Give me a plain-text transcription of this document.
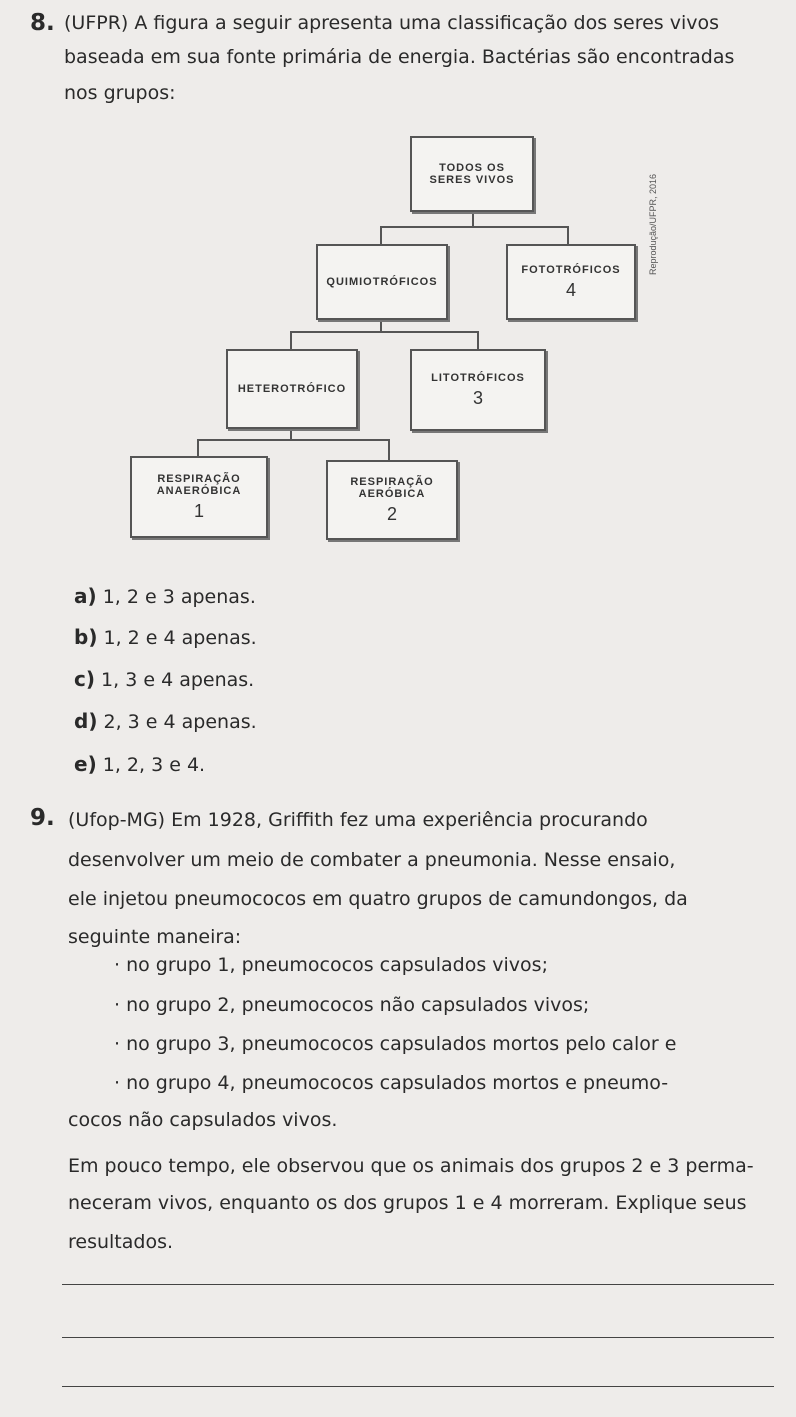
8. (UFPR) A figura a seguir apresenta uma classificação dos seres vivos
baseada em sua fonte primária de energia. Bactérias são encontradas
nos grupos:
TODOS OS
SERES VIVOS
QUIMIOTRÓFICOS
FOTOTRÓFICOS
4
HETEROTRÓFICO
LITOTRÓFICOS
3
RESPIRAÇÃO
ANAERÓBICA
1
RESPIRAÇÃO
AERÓBICA
2
Reprodução/UFPR, 2016
a) 1, 2 e 3 apenas.
b) 1, 2 e 4 apenas.
c) 1, 3 e 4 apenas.
d) 2, 3 e 4 apenas.
e) 1, 2, 3 e 4.
9. (Ufop-MG) Em 1928, Griffith fez uma experiência procurando
desenvolver um meio de combater a pneumonia. Nesse ensaio,
ele injetou pneumococos em quatro grupos de camundongos, da
seguinte maneira:
· no grupo 1, pneumococos capsulados vivos;
· no grupo 2, pneumococos não capsulados vivos;
· no grupo 3, pneumococos capsulados mortos pelo calor e
· no grupo 4, pneumococos capsulados mortos e pneumo-
cocos não capsulados vivos.
Em pouco tempo, ele observou que os animais dos grupos 2 e 3 perma-
neceram vivos, enquanto os dos grupos 1 e 4 morreram. Explique seus
resultados.
